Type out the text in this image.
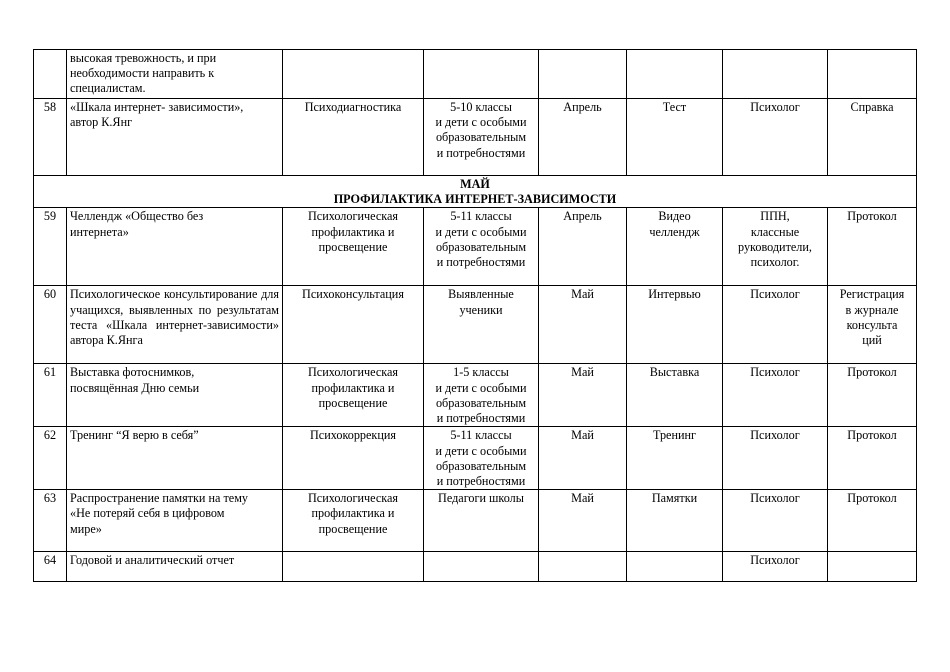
	высокая тревожность, и при
необходимости направить к
специалистам.						
58	«Шкала интернет- зависимости»,
автор К.Янг	Психодиагностика	5-10 классы
и дети с особыми
образовательным
и потребностями	Апрель	Тест	Психолог	Справка

МАЙ
ПРОФИЛАКТИКА ИНТЕРНЕТ-ЗАВИСИМОСТИ							

59	Челлендж «Общество без
интернета»	Психологическая
профилактика и
просвещение	5-11 классы
и дети с особыми
образовательным
и потребностями	Апрель	Видео
челлендж	ППН,
классные
руководители,
психолог.	Протокол
60	Психологическое консультирование для учащихся, выявленных по результатам теста «Шкала интернет-зависимости» автора К.Янга	Психоконсультация	Выявленные
ученики	Май	Интервью	Психолог	Регистрация
в журнале
консульта
ций
61	Выставка фотоснимков,
посвящённая Дню семьи	Психологическая
профилактика и
просвещение	1-5 классы
и дети с особыми
образовательным
и потребностями	Май	Выставка	Психолог	Протокол
62	Тренинг “Я верю в себя”	Психокоррекция	5-11 классы
и дети с особыми
образовательным
и потребностями	Май	Тренинг	Психолог	Протокол
63	Распространение памятки на тему
«Не потеряй себя в цифровом
мире»	Психологическая
профилактика и
просвещение	Педагоги школы	Май	Памятки	Психолог	Протокол
64	Годовой и аналитический отчет					Психолог	
